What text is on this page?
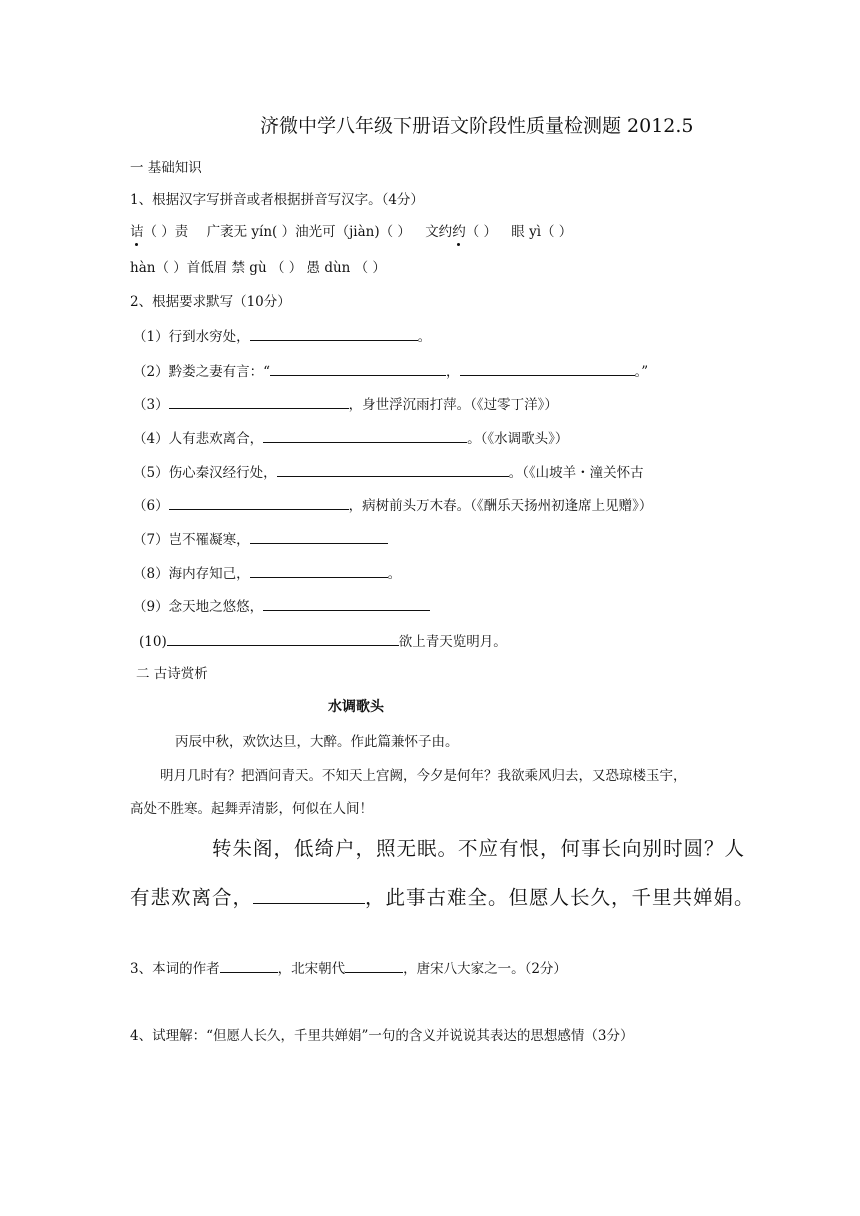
济微中学八年级下册语文阶段性质量检测题 2012.5
一 基础知识
1、根据汉字写拼音或者根据拼音写汉字。（4分）
诘（ ）责 广袤无 yín( ）油光可（jiàn)（ ） 文约约（ ） 眼 yì（ ）
hàn（ ）首低眉 禁 gù （ ） 愚 dùn （ ）
2、根据要求默写（10分）
（1）行到水穷处，	。
（2）黔娄之妻有言：“	，	。”
（3）	，身世浮沉雨打萍。（《过零丁洋》）
（4）人有悲欢离合，	。（《水调歌头》）
（5）伤心秦汉经行处，	。（《山坡羊・潼关怀古
（6）	，病树前头万木春。（《酬乐天扬州初逢席上见赠》）
（7）岂不罹凝寒，
（8）海内存知己，	。
（9）念天地之悠悠，
(10)	欲上青天览明月。
二 古诗赏析
水调歌头
丙辰中秋，欢饮达旦，大醉。作此篇兼怀子由。
明月几时有？把酒问青天。不知天上宫阙，今夕是何年？我欲乘风归去，又恐琼楼玉宇，
高处不胜寒。起舞弄清影，何似在人间！
转朱阁，低绮户，照无眠。不应有恨，何事长向别时圆？人
有悲欢离合，	，此事古难全。但愿人长久，千里共婵娟。
3、本词的作者	，北宋朝代	，唐宋八大家之一。（2分）
4、试理解：“但愿人长久，千里共婵娟”一句的含义并说说其表达的思想感情（3分）
